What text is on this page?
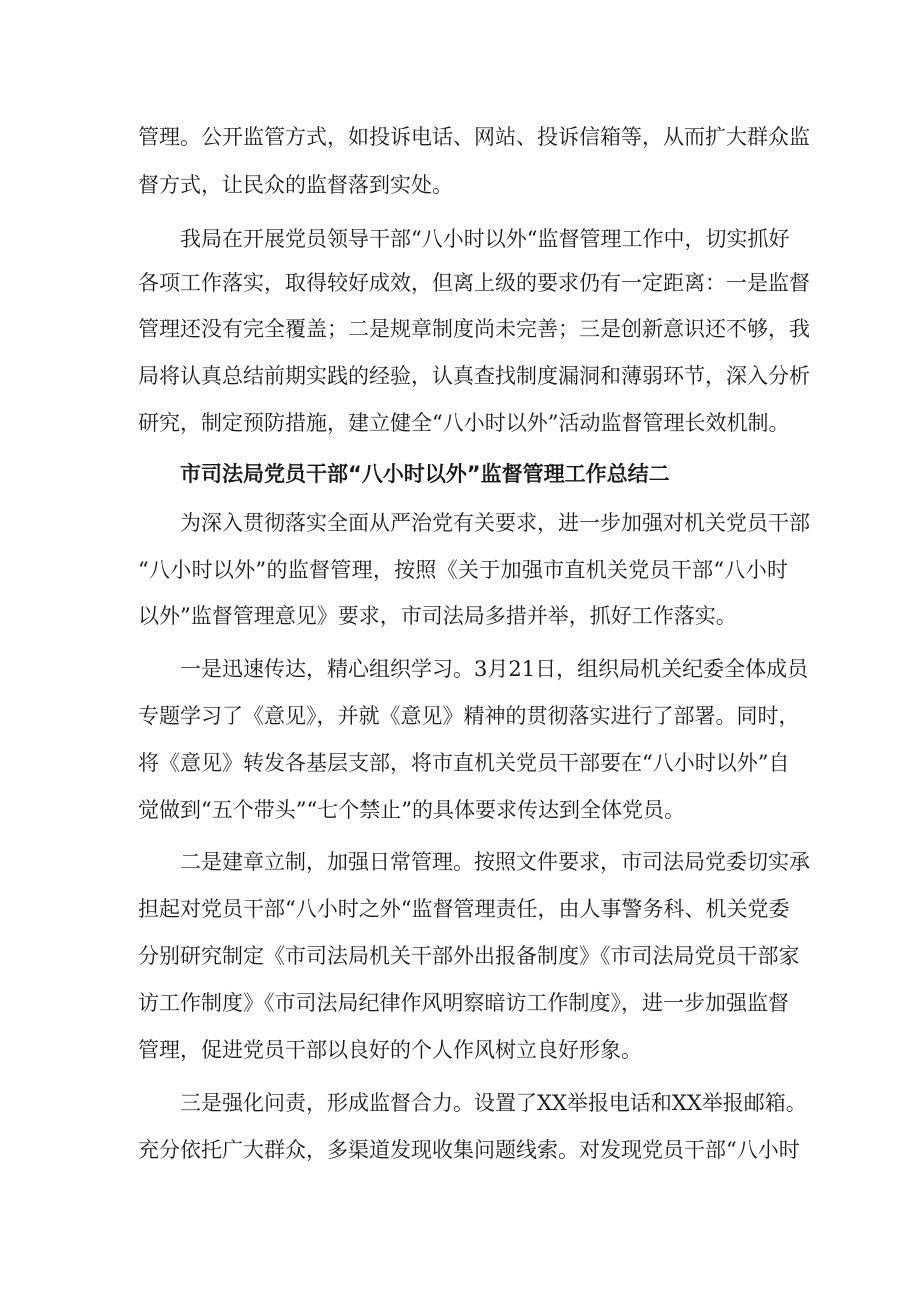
管理。公开监管方式，如投诉电话、网站、投诉信箱等，从而扩大群众监
督方式，让民众的监督落到实处。
我局在开展党员领导干部“八小时以外“监督管理工作中，切实抓好
各项工作落实，取得较好成效，但离上级的要求仍有一定距离：一是监督
管理还没有完全覆盖；二是规章制度尚未完善；三是创新意识还不够，我
局将认真总结前期实践的经验，认真查找制度漏洞和薄弱环节，深入分析
研究，制定预防措施，建立健全“八小时以外”活动监督管理长效机制。
市司法局党员干部“八小时以外”监督管理工作总结二
为深入贯彻落实全面从严治党有关要求，进一步加强对机关党员干部
“八小时以外”的监督管理，按照《关于加强市直机关党员干部“八小时
以外”监督管理意见》要求，市司法局多措并举，抓好工作落实。
一是迅速传达，精心组织学习。3月21日，组织局机关纪委全体成员
专题学习了《意见》，并就《意见》精神的贯彻落实进行了部署。同时，
将《意见》转发各基层支部，将市直机关党员干部要在“八小时以外”自
觉做到“五个带头”“七个禁止”的具体要求传达到全体党员。
二是建章立制，加强日常管理。按照文件要求，市司法局党委切实承
担起对党员干部“八小时之外“监督管理责任，由人事警务科、机关党委
分别研究制定《市司法局机关干部外出报备制度》《市司法局党员干部家
访工作制度》《市司法局纪律作风明察暗访工作制度》，进一步加强监督
管理，促进党员干部以良好的个人作风树立良好形象。
三是强化问责，形成监督合力。设置了XX举报电话和XX举报邮箱。
充分依托广大群众，多渠道发现收集问题线索。对发现党员干部“八小时
